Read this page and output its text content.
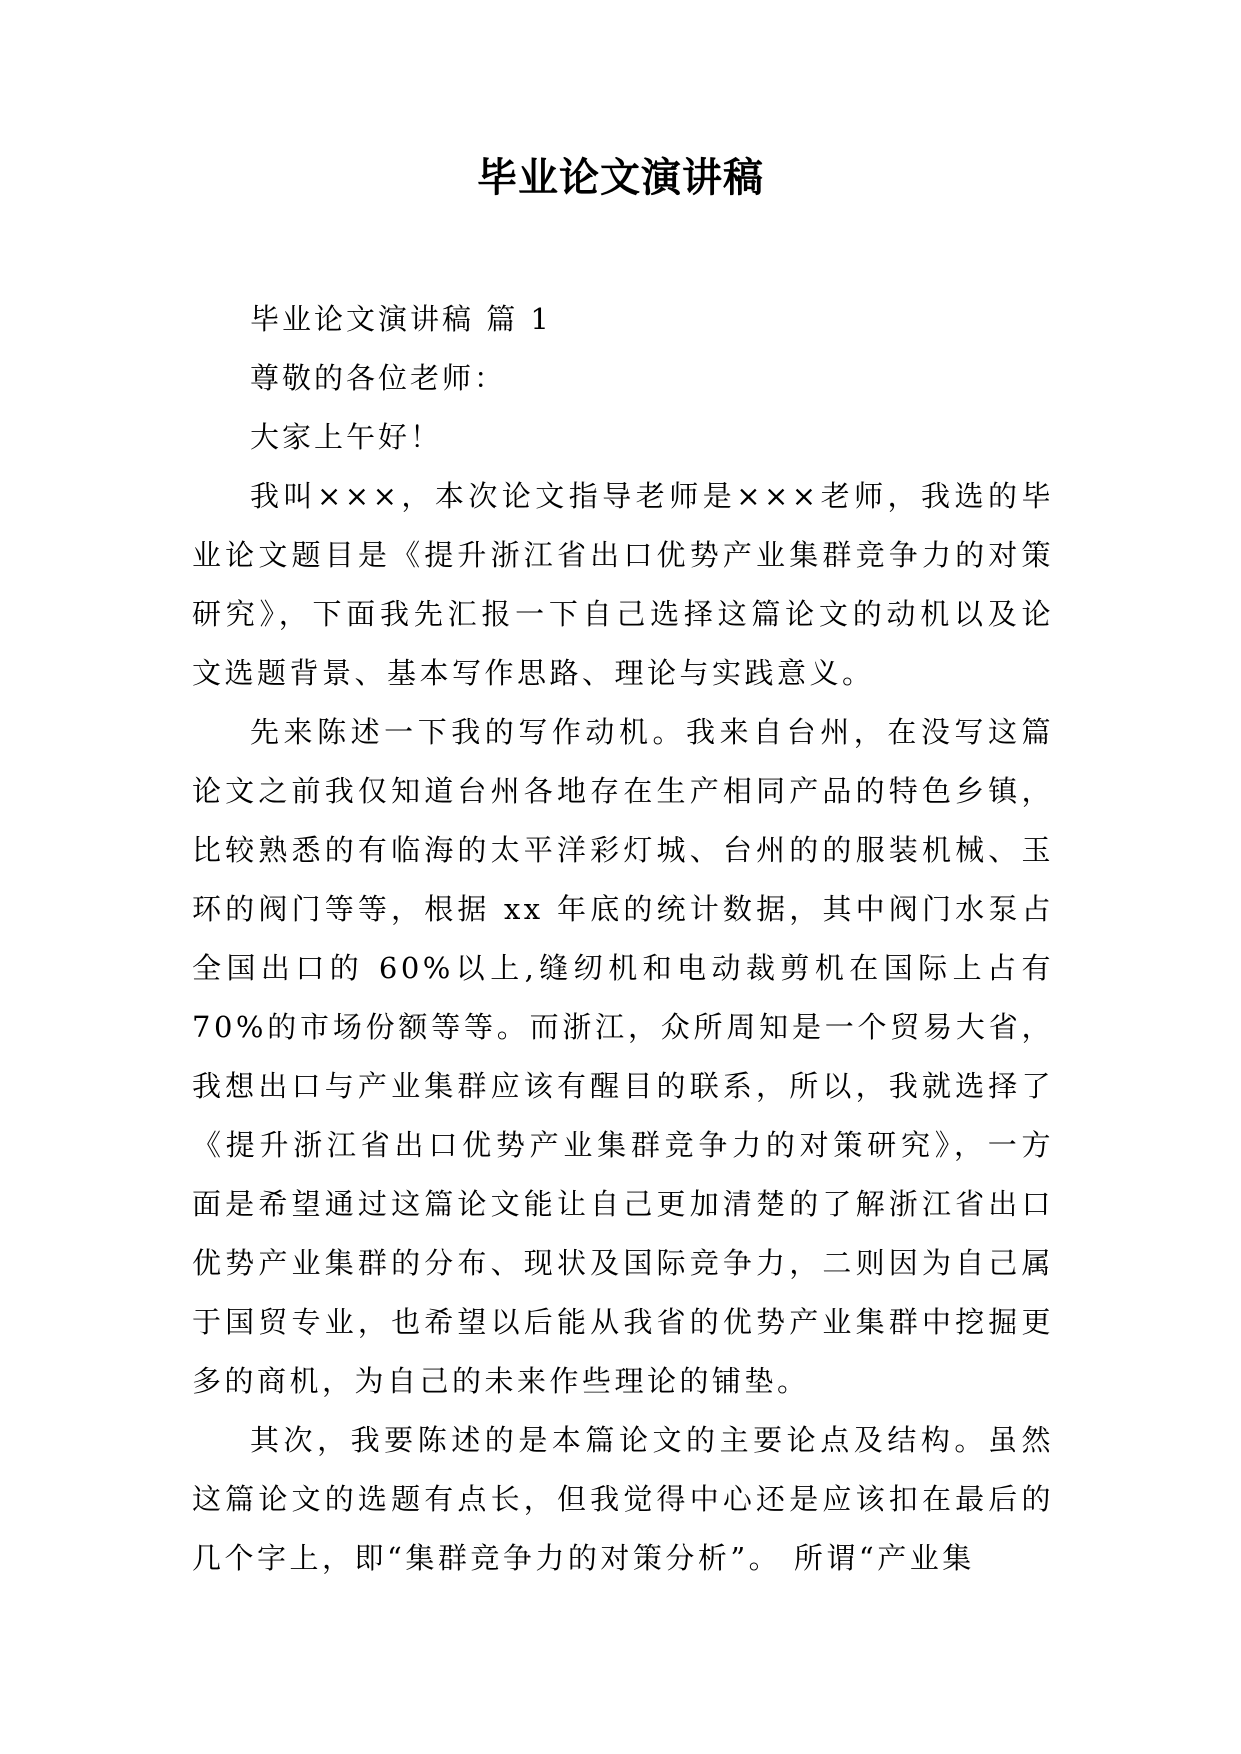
毕业论文演讲稿

毕业论文演讲稿 篇 1

尊敬的各位老师：

大家上午好！

我叫×××，本次论文指导老师是×××老师，我选的毕业论文题目是《提升浙江省出口优势产业集群竞争力的对策研究》，下面我先汇报一下自己选择这篇论文的动机以及论文选题背景、基本写作思路、理论与实践意义。

先来陈述一下我的写作动机。我来自台州，在没写这篇论文之前我仅知道台州各地存在生产相同产品的特色乡镇，比较熟悉的有临海的太平洋彩灯城、台州的的服装机械、玉环的阀门等等，根据 xx 年底的统计数据，其中阀门水泵占全国出口的 60%以上,缝纫机和电动裁剪机在国际上占有 70%的市场份额等等。而浙江，众所周知是一个贸易大省，我想出口与产业集群应该有醒目的联系，所以，我就选择了《提升浙江省出口优势产业集群竞争力的对策研究》，一方面是希望通过这篇论文能让自己更加清楚的了解浙江省出口优势产业集群的分布、现状及国际竞争力，二则因为自己属于国贸专业，也希望以后能从我省的优势产业集群中挖掘更多的商机，为自己的未来作些理论的铺垫。

其次，我要陈述的是本篇论文的主要论点及结构。虽然这篇论文的选题有点长，但我觉得中心还是应该扣在最后的几个字上，即“集群竞争力的对策分析”。 所谓“产业集
